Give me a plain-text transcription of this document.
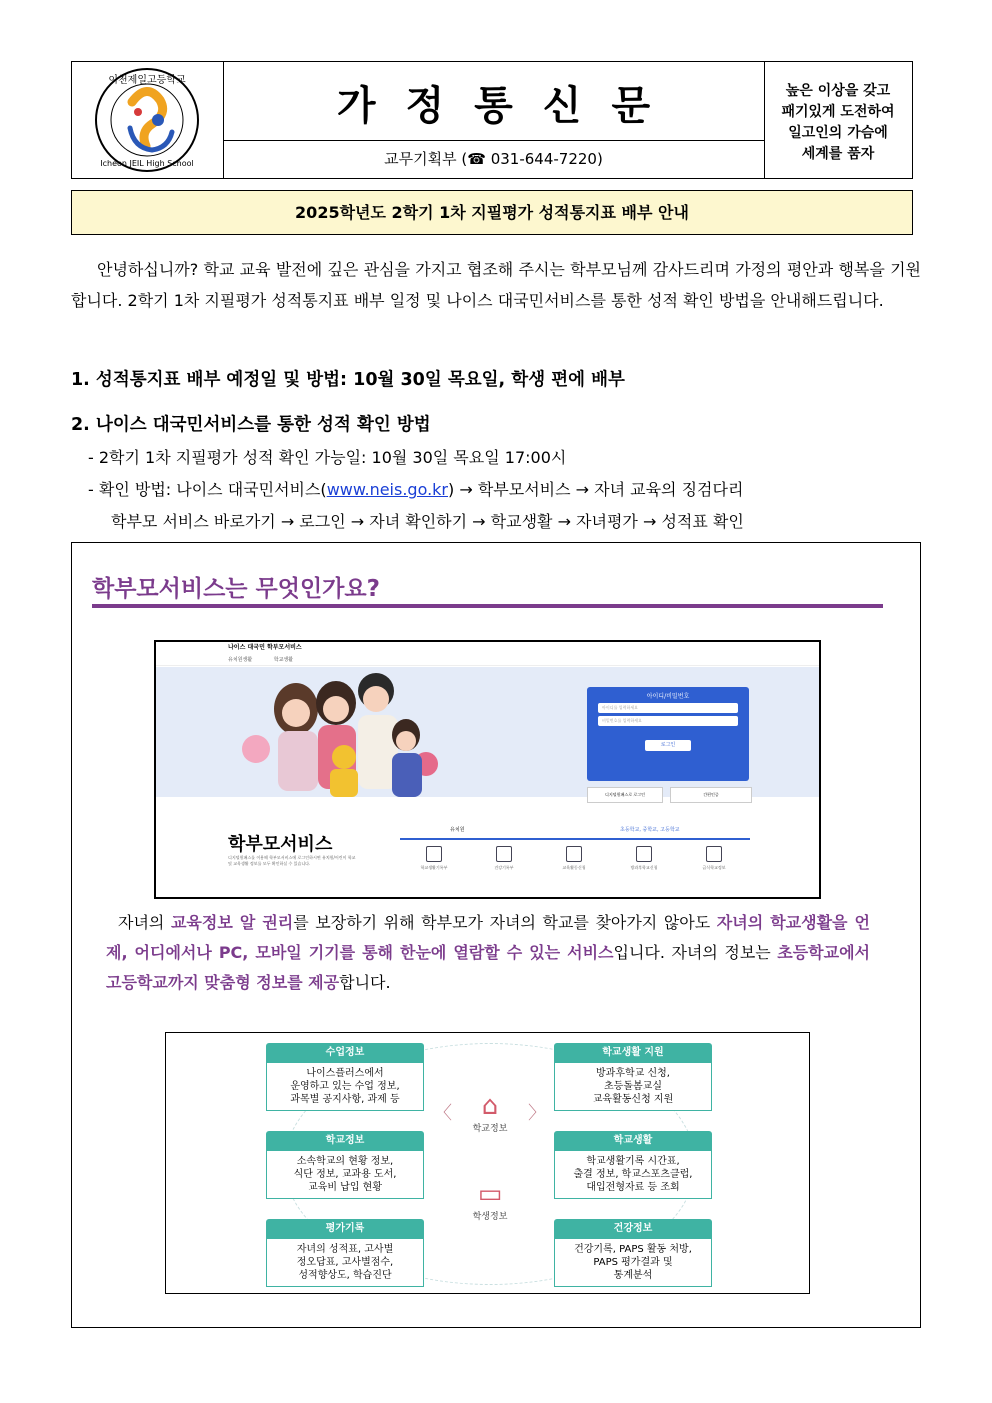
이천제일고등학교
Icheon JEIL High School
가정통신문
교무기획부 (☎ 031-644-7220)
높은 이상을 갖고
패기있게 도전하여
일고인의 가슴에
세계를 품자
2025학년도 2학기 1차 지필평가 성적통지표 배부 안내
안녕하십니까? 학교 교육 발전에 깊은 관심을 가지고 협조해 주시는 학부모님께 감사드리며 가정의 평안과 행복을 기원합니다. 2학기 1차 지필평가 성적통지표 배부 일정 및 나이스 대국민서비스를 통한 성적 확인 방법을 안내해드립니다.
1. 성적통지표 배부 예정일 및 방법: 10월 30일 목요일, 학생 편에 배부
2. 나이스 대국민서비스를 통한 성적 확인 방법
- 2학기 1차 지필평가 성적 확인 가능일: 10월 30일 목요일 17:00시
- 확인 방법: 나이스 대국민서비스(www.neis.go.kr) → 학부모서비스 → 자녀 교육의 징검다리
학부모 서비스 바로가기 → 로그인 → 자녀 확인하기 → 학교생활 → 자녀평가 → 성적표 확인
학부모서비스는 무엇인가요?
나이스 대국민 학부모서비스
유치원생활	학교생활
아이디/비밀번호
아이디를 입력하세요
비밀번호를 입력하세요
로그인
디지털원패스로 로그인	간편인증
학부모서비스
디지털원패스를 이용해 학부모서비스에 로그인하시면 유치원/어린이 학교 및 교육생활 정보를 모두 확인하실 수 있습니다.
유치원	초등학교, 중학교, 고등학교
학교생활기록부	건강기록부	교육활동신청	방과후학교신청	급식학교정보
자녀의 교육정보 알 권리를 보장하기 위해 학부모가 자녀의 학교를 찾아가지 않아도 자녀의 학교생활을 언제, 어디에서나 PC, 모바일 기기를 통해 한눈에 열람할 수 있는 서비스입니다. 자녀의 정보는 초등학교에서 고등학교까지 맞춤형 정보를 제공합니다.
수업정보
나이스플러스에서
운영하고 있는 수업 정보,
과목별 공지사항, 과제 등
학교생활 지원
방과후학교 신청,
초등돌봄교실
교육활동신청 지원
학교정보
소속학교의 현황 정보,
식단 정보, 교과용 도서,
교육비 납입 현황
학교생활
학교생활기록 시간표,
출결 정보, 학교스포츠클럽,
대입전형자료 등 조회
평가기록
자녀의 성적표, 고사별
정오답표, 고사별점수,
성적향상도, 학습진단
건강정보
건강기록, PAPS 활동 처방,
PAPS 평가결과 및
통계분석
〈	〉
⌂
학교정보
▭
학생정보
